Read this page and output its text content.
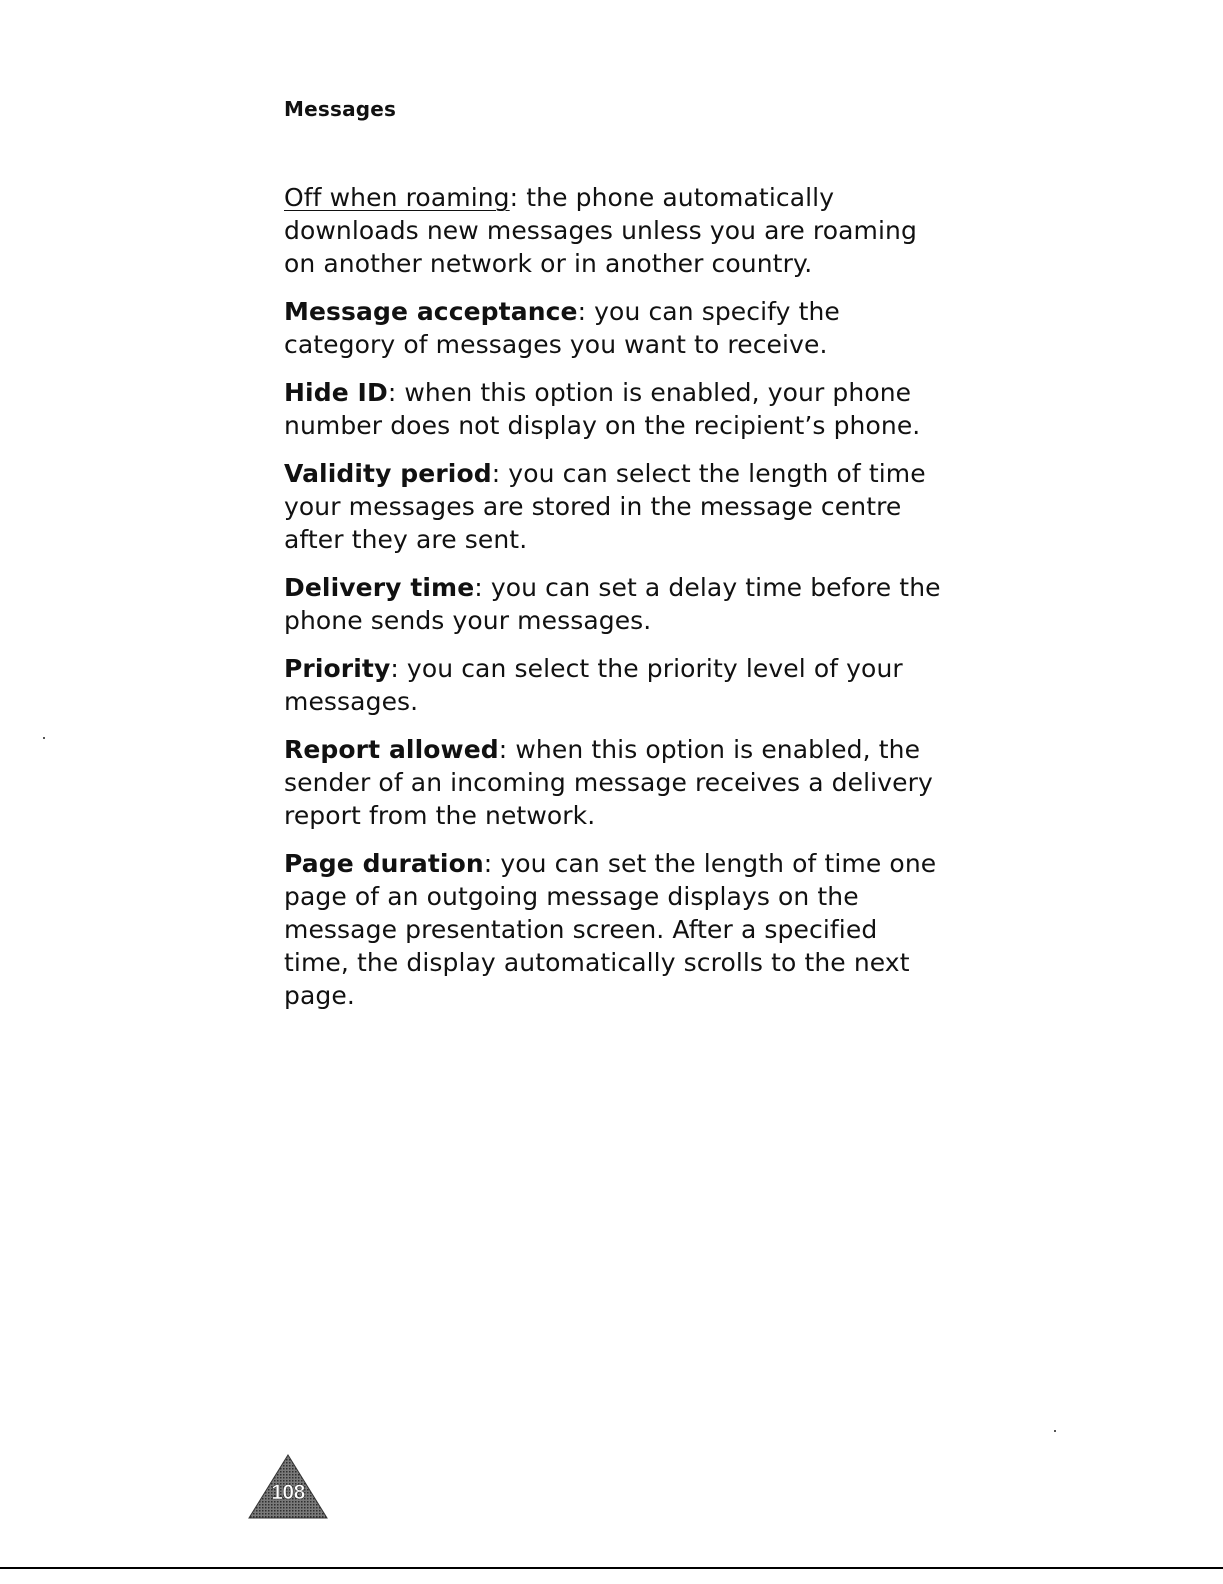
Messages

Off when roaming: the phone automatically downloads new messages unless you are roaming on another network or in another country.

Message acceptance: you can specify the category of messages you want to receive.

Hide ID: when this option is enabled, your phone number does not display on the recipient’s phone.

Validity period: you can select the length of time your messages are stored in the message centre after they are sent.

Delivery time: you can set a delay time before the phone sends your messages.

Priority: you can select the priority level of your messages.

Report allowed: when this option is enabled, the sender of an incoming message receives a delivery report from the network.

Page duration: you can set the length of time one page of an outgoing message displays on the message presentation screen. After a specified time, the display automatically scrolls to the next page.

108
